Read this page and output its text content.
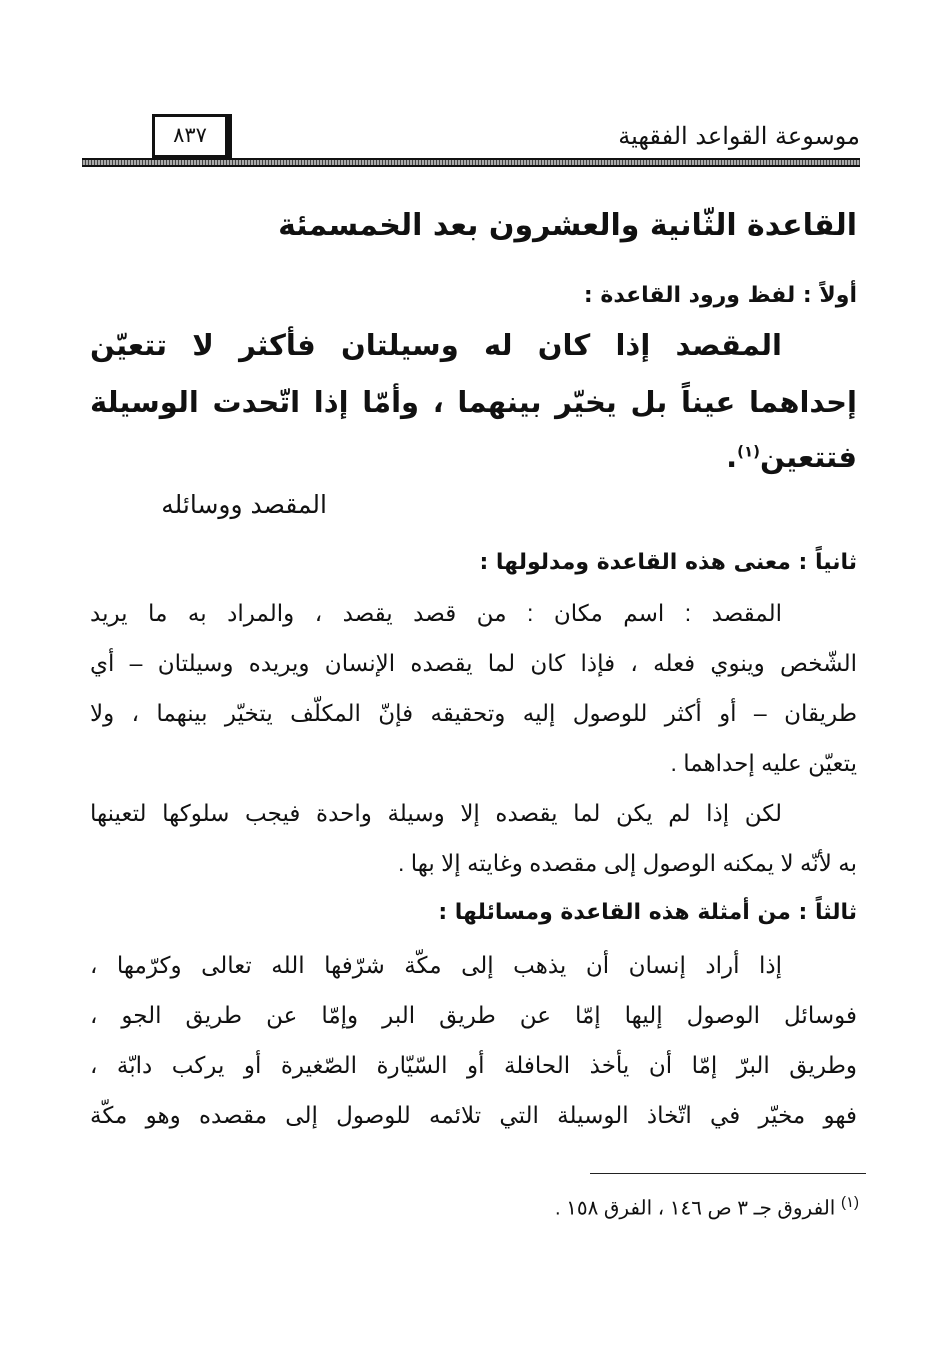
موسوعة القواعد الفقهية
٨٣٧
القاعدة الثّانية والعشرون بعد الخمسمئة
أولاً : لفظ ورود القاعدة :
المقصد إذا كان له وسيلتان فأكثر لا تتعيّن
إحداهما عيناً بل يخيّر بينهما ، وأمّا إذا اتّحدت الوسيلة
فتتعين$^{(١)}$.
المقصد ووسائله
ثانياً : معنى هذه القاعدة ومدلولها :
المقصد : اسم مكان : من قصد يقصد ، والمراد به ما يريد
الشّخص وينوي فعله ، فإذا كان لما يقصده الإنسان ويريده وسيلتان – أي
طريقان – أو أكثر للوصول إليه وتحقيقه فإنّ المكلّف يتخيّر بينهما ، ولا
يتعيّن عليه إحداهما .
لكن إذا لم يكن لما يقصده إلا وسيلة واحدة فيجب سلوكها لتعينها
به لأنّه لا يمكنه الوصول إلى مقصده وغايته إلا بها .
ثالثاً : من أمثلة هذه القاعدة ومسائلها :
إذا أراد إنسان أن يذهب إلى مكّة شرّفها الله تعالى وكرّمها ،
فوسائل الوصول إليها إمّا عن طريق البر وإمّا عن طريق الجو ،
وطريق البرّ إمّا أن يأخذ الحافلة أو السّيّارة الصّغيرة أو يركب دابّة ،
فهو مخيّر في اتّخاذ الوسيلة التي تلائمه للوصول إلى مقصده وهو مكّة
$^{(١)}$ الفروق جـ ٣ ص ١٤٦ ، الفرق ١٥٨ .
